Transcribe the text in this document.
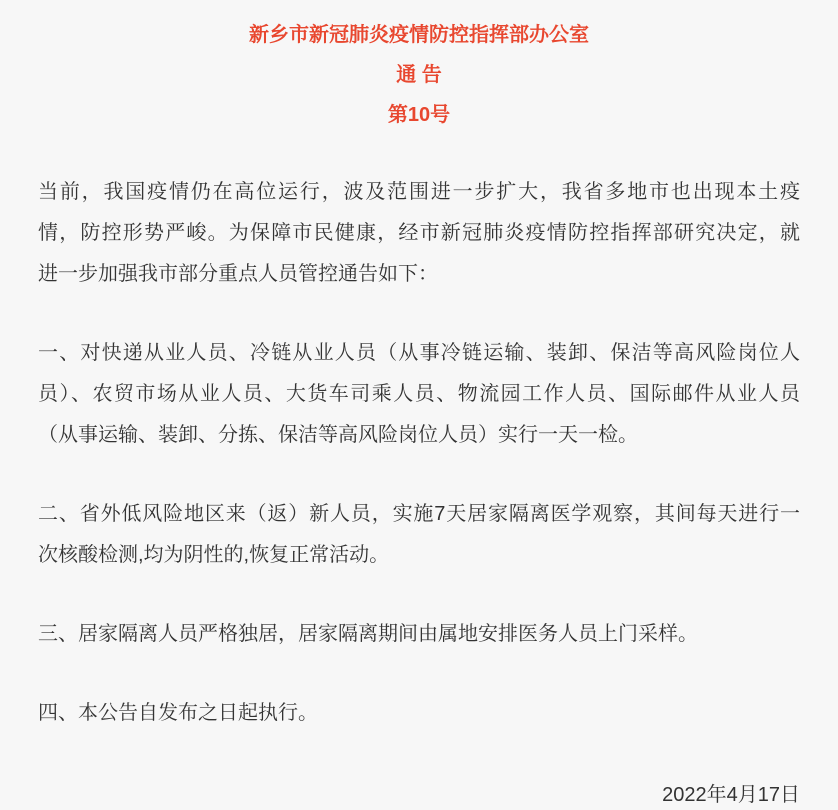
新乡市新冠肺炎疫情防控指挥部办公室
通 告
第10号
当前，我国疫情仍在高位运行，波及范围进一步扩大，我省多地市也出现本土疫
情，防控形势严峻。为保障市民健康，经市新冠肺炎疫情防控指挥部研究决定，就
进一步加强我市部分重点人员管控通告如下：
一、对快递从业人员、冷链从业人员（从事冷链运输、装卸、保洁等高风险岗位人
员）、农贸市场从业人员、大货车司乘人员、物流园工作人员、国际邮件从业人员
（从事运输、装卸、分拣、保洁等高风险岗位人员）实行一天一检。
二、省外低风险地区来（返）新人员，实施7天居家隔离医学观察，其间每天进行一
次核酸检测,均为阴性的,恢复正常活动。
三、居家隔离人员严格独居，居家隔离期间由属地安排医务人员上门采样。
四、本公告自发布之日起执行。
2022年4月17日
